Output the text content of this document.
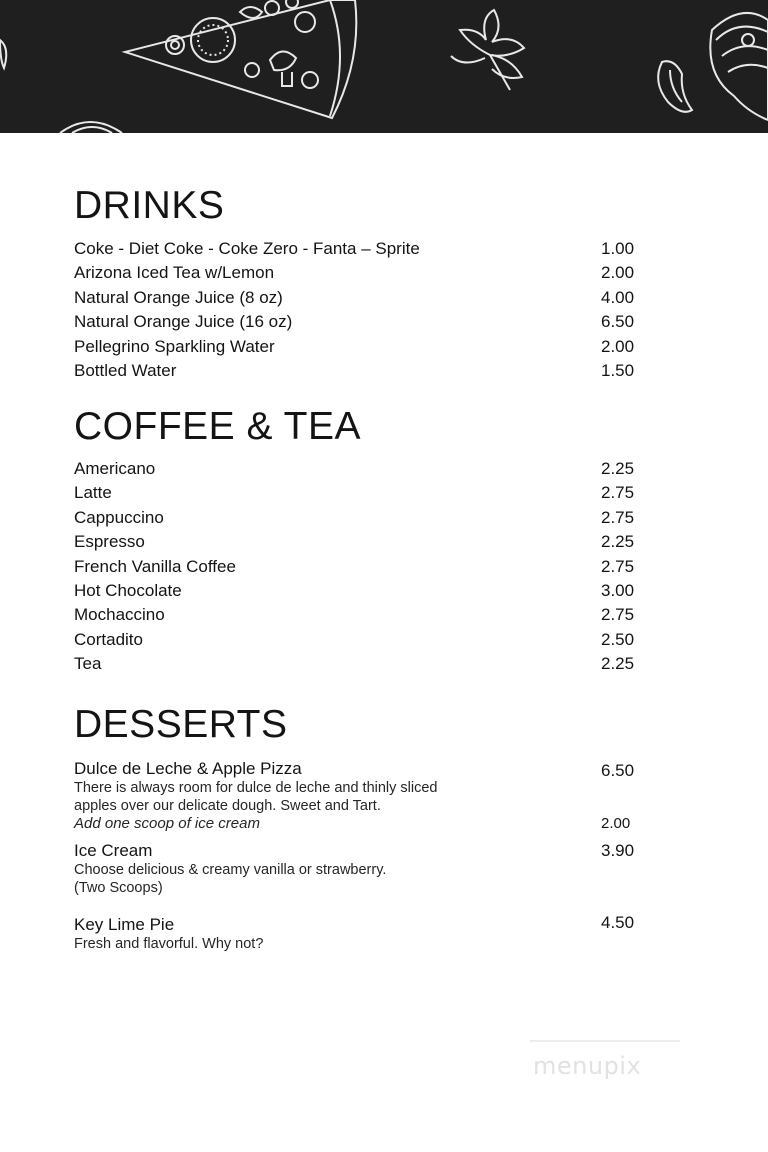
DRINKS
Coke - Diet Coke - Coke Zero - Fanta – Sprite	1.00
Arizona Iced Tea w/Lemon	2.00
Natural Orange Juice (8 oz)	4.00
Natural Orange Juice (16 oz)	6.50
Pellegrino Sparkling Water	2.00
Bottled Water	1.50
COFFEE & TEA
Americano	2.25
Latte	2.75
Cappuccino	2.75
Espresso	2.25
French Vanilla Coffee	2.75
Hot Chocolate	3.00
Mochaccino	2.75
Cortadito	2.50
Tea	2.25
DESSERTS
Dulce de Leche & Apple Pizza	6.50
There is always room for dulce de leche and thinly sliced
apples over our delicate dough. Sweet and Tart.
Add one scoop of ice cream	2.00
Ice Cream	3.90
Choose delicious & creamy vanilla or strawberry.
(Two Scoops)
Key Lime Pie	4.50
Fresh and flavorful. Why not?
menupix
